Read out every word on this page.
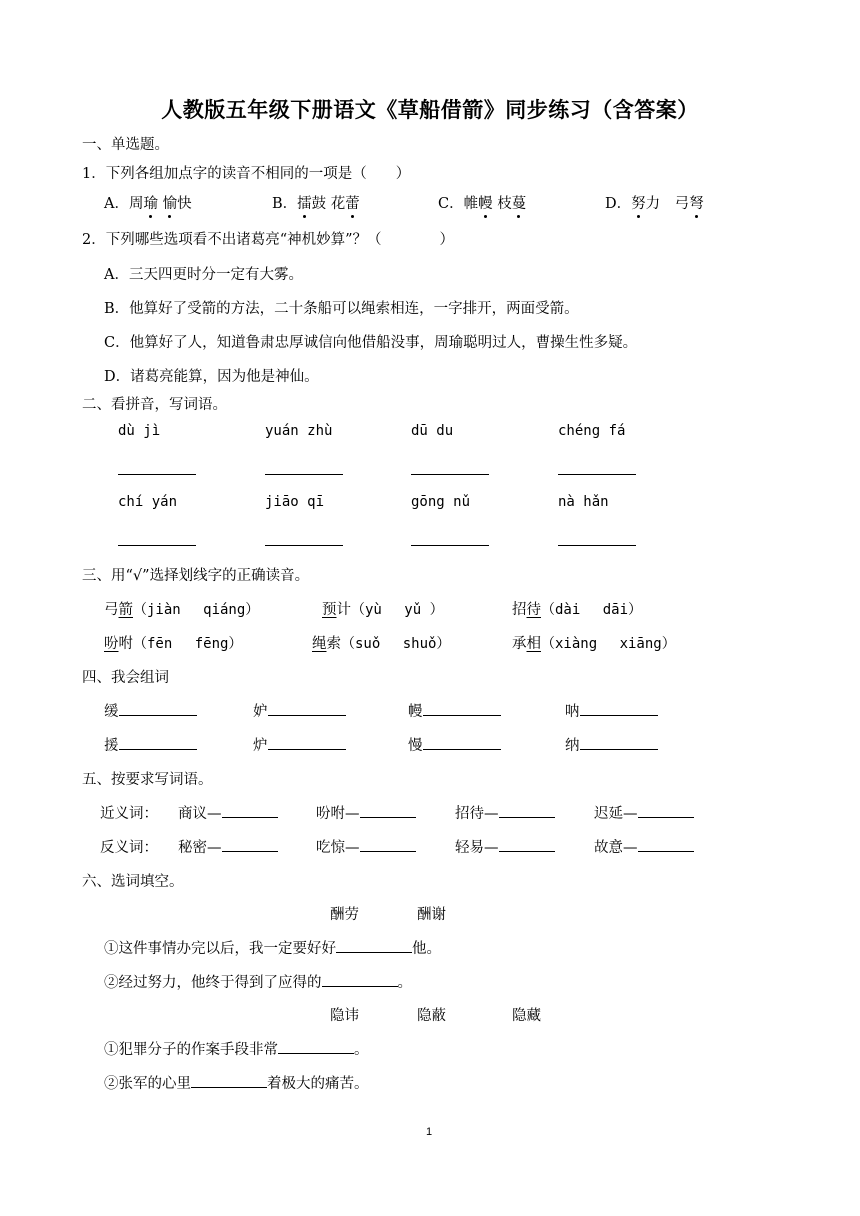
人教版五年级下册语文《草船借箭》同步练习（含答案）
一、单选题。
1．下列各组加点字的读音不相同的一项是（　　）
A．周瑜 愉快	B．擂鼓 花蕾	C．帷幔 枝蔓	D．努力　弓弩
2．下列哪些选项看不出诸葛亮“神机妙算”？（　　　　）
A．三天四更时分一定有大雾。
B．他算好了受箭的方法，二十条船可以绳索相连，一字排开，两面受箭。
C．他算好了人，知道鲁肃忠厚诚信向他借船没事，周瑜聪明过人，曹操生性多疑。
D．诸葛亮能算，因为他是神仙。
二、看拼音，写词语。
dù jì	yuán zhù	dū du	chéng fá
chí yán	jiāo qī	gōng nǔ	nà hǎn
三、用“√”选择划线字的正确读音。
弓箭（jiàn　 qiáng）	预计（yù 　yǔ ）	招待（dài　 dāi）
吩咐（fēn　 fēng）	绳索（suǒ　 shuǒ）	承相（xiàng　 xiāng）
四、我会组词
缓	妒	幔	呐
援	炉	慢	纳
五、按要求写词语。
近义词： 商议—	吩咐—	招待—	迟延—
反义词： 秘密—	吃惊—	轻易—	故意—
六、选词填空。
酬劳	酬谢
①这件事情办完以后，我一定要好好	他。
②经过努力，他终于得到了应得的	。
隐讳	隐蔽	隐藏
①犯罪分子的作案手段非常	。
②张军的心里	着极大的痛苦。
1
